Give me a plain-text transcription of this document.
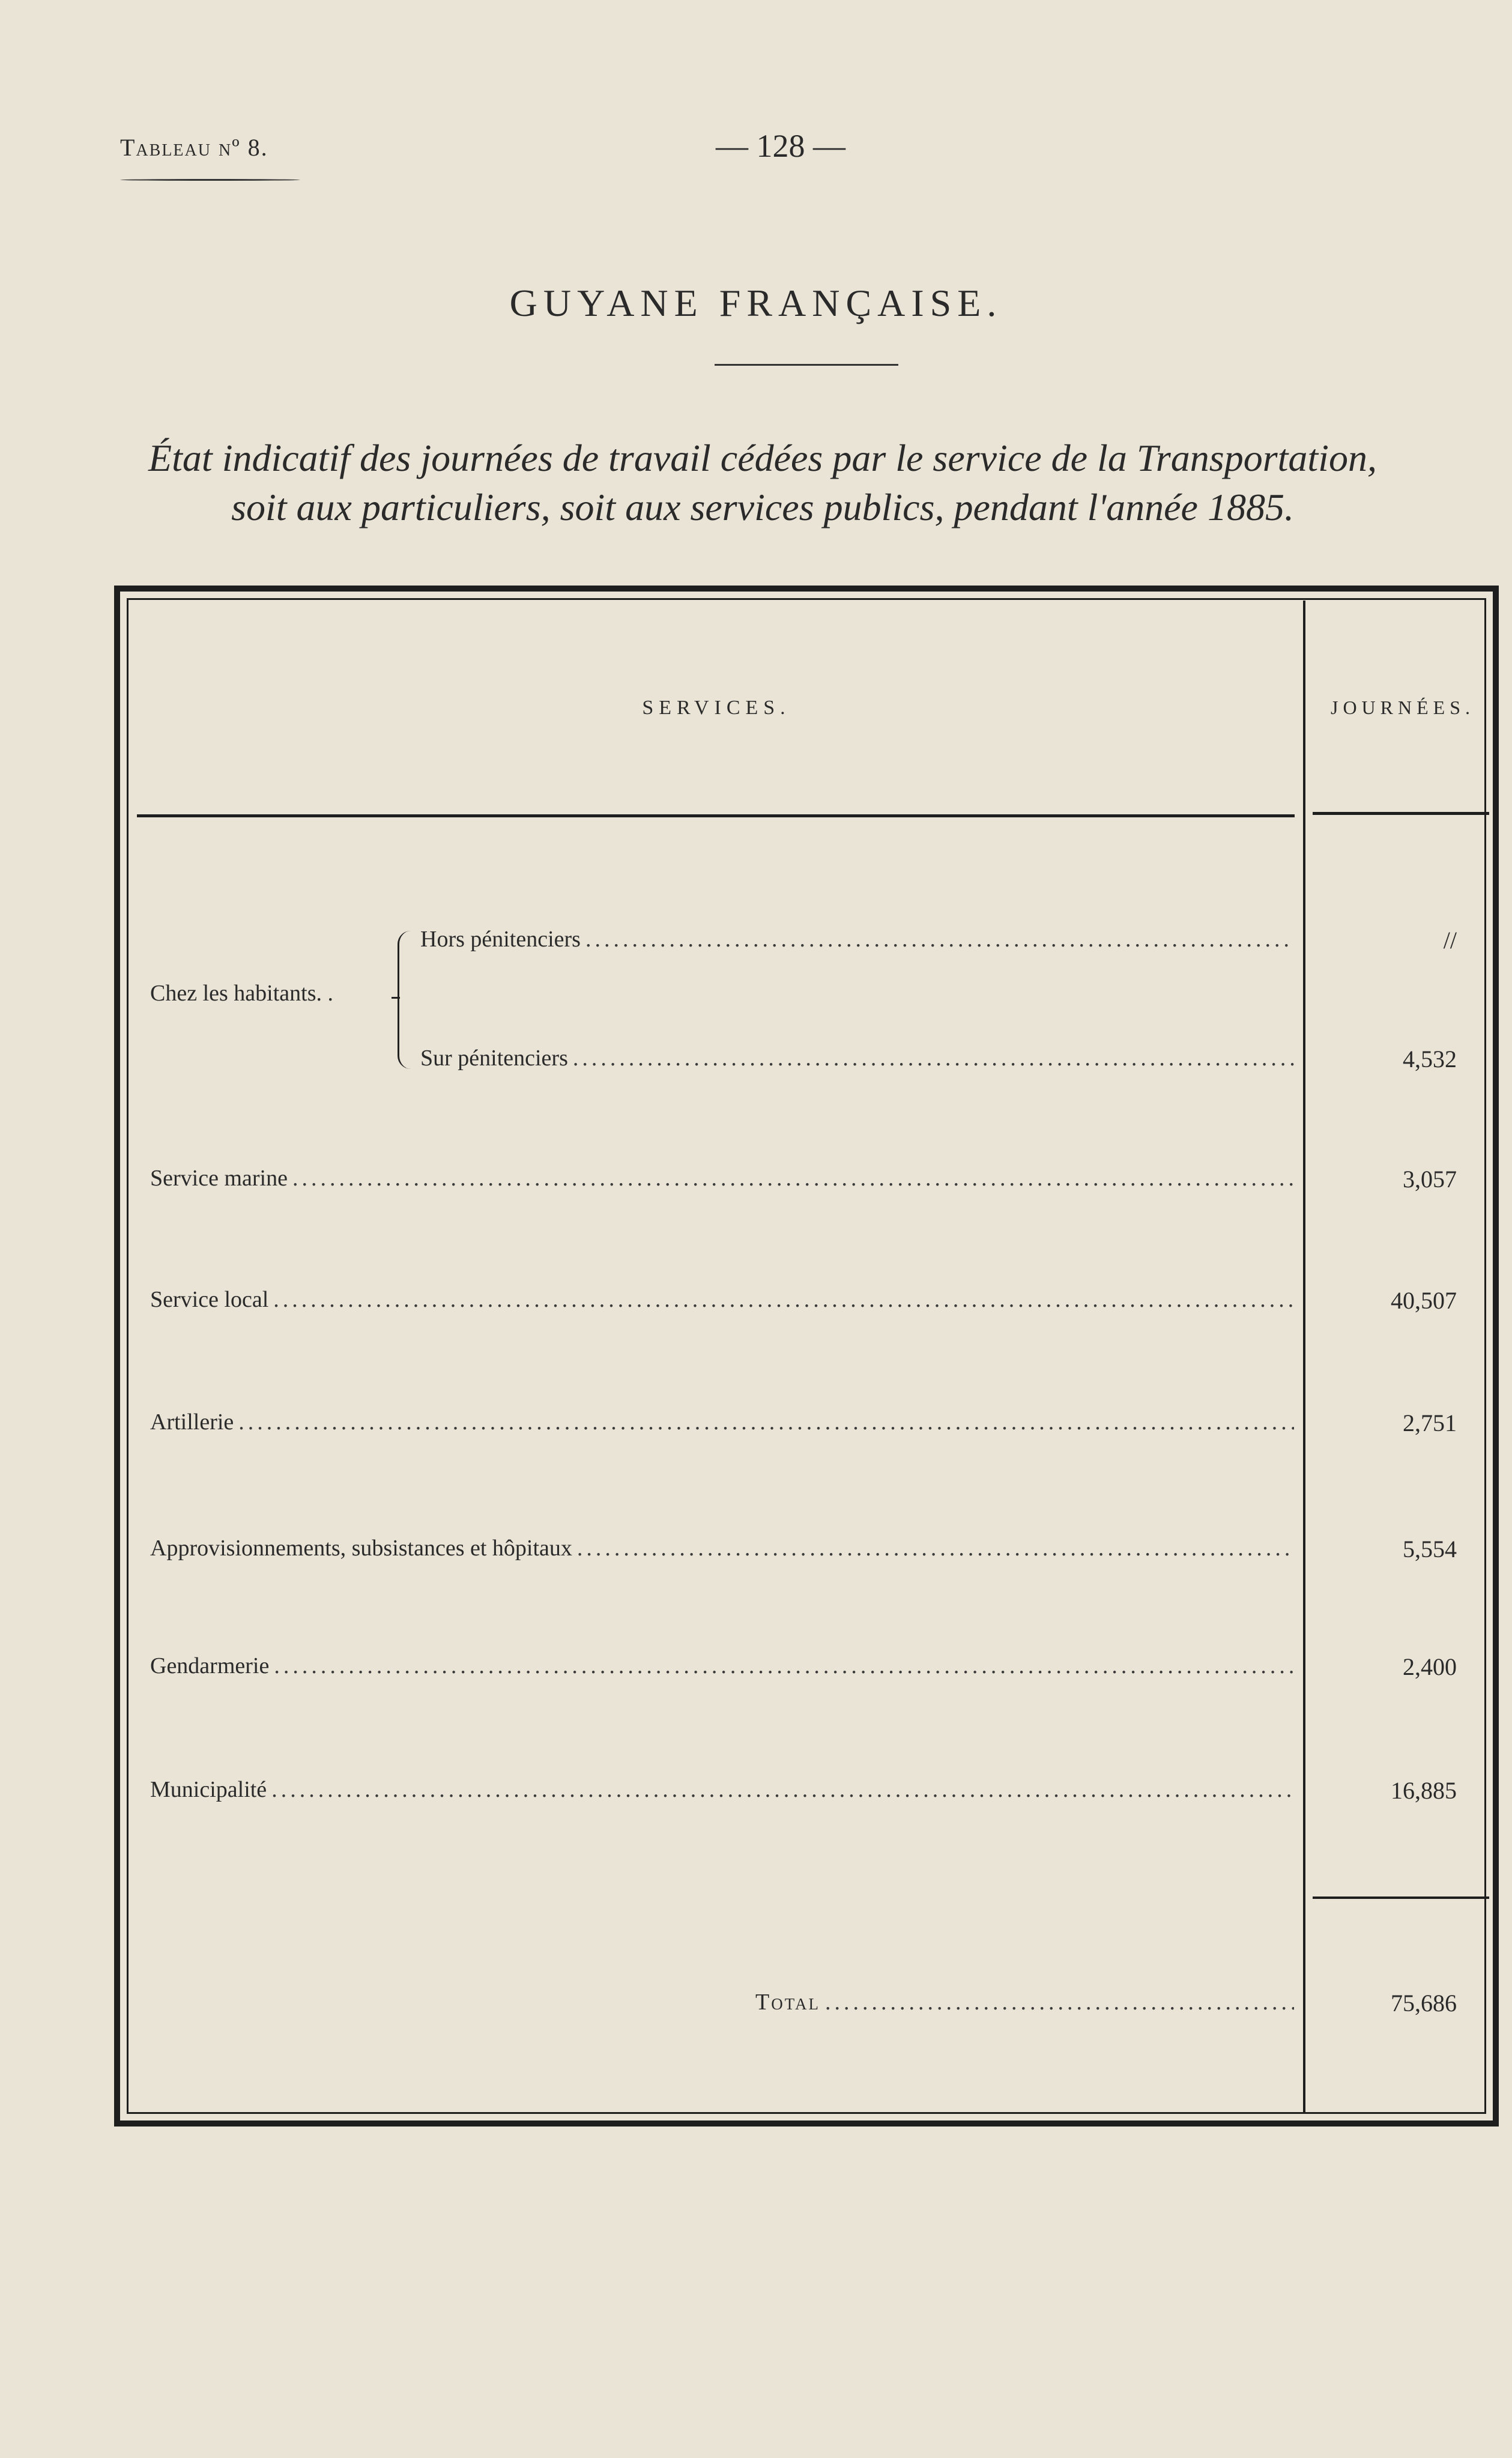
Tableau nº 8.	— 128 —
GUYANE FRANÇAISE.
État indicatif des journées de travail cédées par le service de la Transportation,
soit aux particuliers, soit aux services publics, pendant l'année 1885.
SERVICES.	JOURNÉES.
Chez les habitants. .
Hors pénitenciers .....	//
Sur pénitenciers .....	4,532
Service marine .....	3,057
Service local .....	40,507
Artillerie .....	2,751
Approvisionnements, subsistances et hôpitaux .....	5,554
Gendarmerie .....	2,400
Municipalité .....	16,885
Total .....	75,686
